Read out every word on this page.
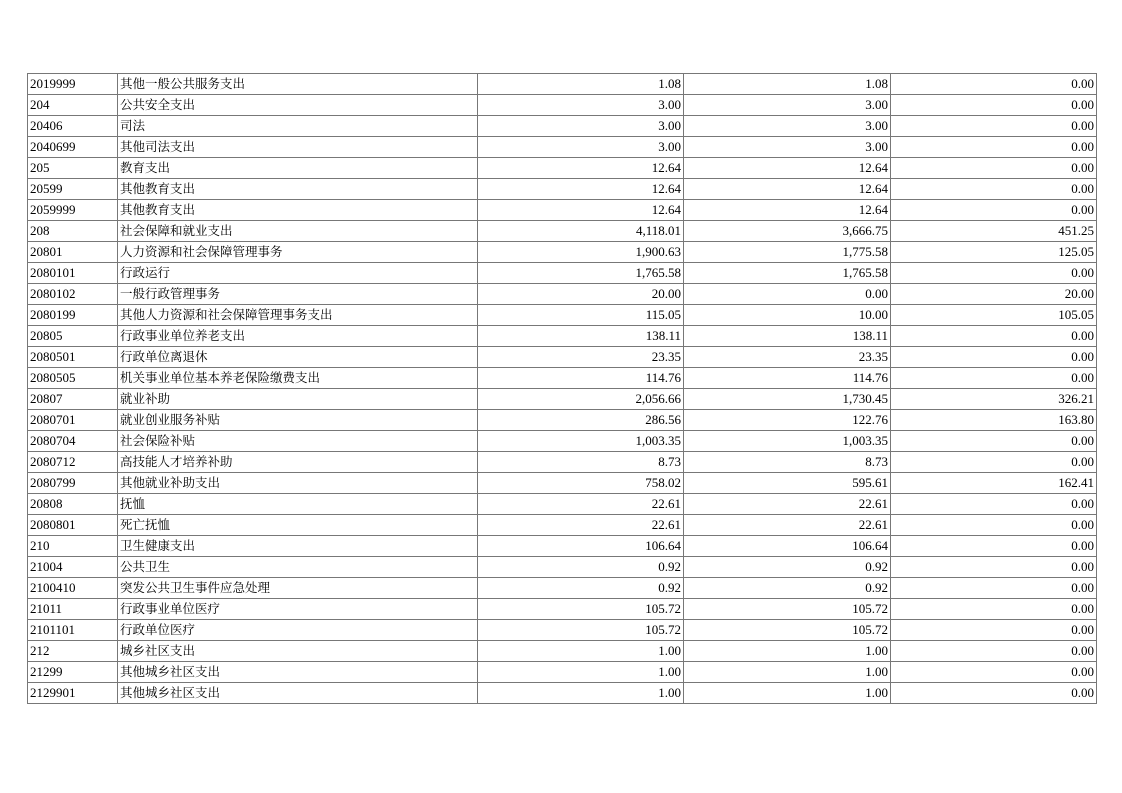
2019999	其他一般公共服务支出	1.08	1.08	0.00
204	公共安全支出	3.00	3.00	0.00
20406	司法	3.00	3.00	0.00
2040699	其他司法支出	3.00	3.00	0.00
205	教育支出	12.64	12.64	0.00
20599	其他教育支出	12.64	12.64	0.00
2059999	其他教育支出	12.64	12.64	0.00
208	社会保障和就业支出	4,118.01	3,666.75	451.25
20801	人力资源和社会保障管理事务	1,900.63	1,775.58	125.05
2080101	行政运行	1,765.58	1,765.58	0.00
2080102	一般行政管理事务	20.00	0.00	20.00
2080199	其他人力资源和社会保障管理事务支出	115.05	10.00	105.05
20805	行政事业单位养老支出	138.11	138.11	0.00
2080501	行政单位离退休	23.35	23.35	0.00
2080505	机关事业单位基本养老保险缴费支出	114.76	114.76	0.00
20807	就业补助	2,056.66	1,730.45	326.21
2080701	就业创业服务补贴	286.56	122.76	163.80
2080704	社会保险补贴	1,003.35	1,003.35	0.00
2080712	高技能人才培养补助	8.73	8.73	0.00
2080799	其他就业补助支出	758.02	595.61	162.41
20808	抚恤	22.61	22.61	0.00
2080801	死亡抚恤	22.61	22.61	0.00
210	卫生健康支出	106.64	106.64	0.00
21004	公共卫生	0.92	0.92	0.00
2100410	突发公共卫生事件应急处理	0.92	0.92	0.00
21011	行政事业单位医疗	105.72	105.72	0.00
2101101	行政单位医疗	105.72	105.72	0.00
212	城乡社区支出	1.00	1.00	0.00
21299	其他城乡社区支出	1.00	1.00	0.00
2129901	其他城乡社区支出	1.00	1.00	0.00
